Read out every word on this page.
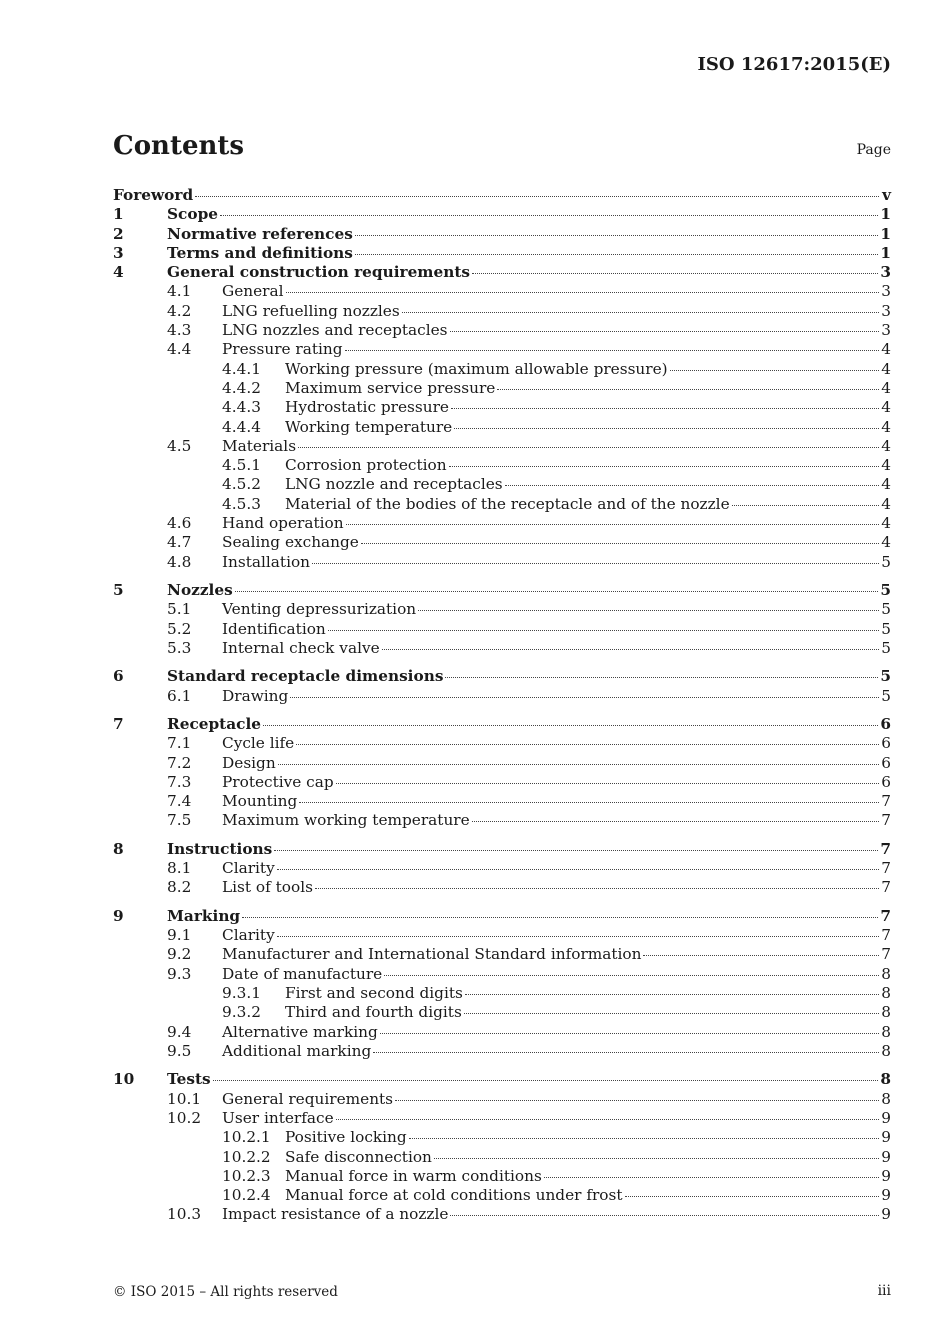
ISO 12617:2015(E)
Contents	Page
Foreword	v
1	Scope	1
2	Normative references	1
3	Terms and definitions	1
4	General construction requirements	3
4.1	General	3
4.2	LNG refuelling nozzles	3
4.3	LNG nozzles and receptacles	3
4.4	Pressure rating	4
4.4.1	Working pressure (maximum allowable pressure)	4
4.4.2	Maximum service pressure	4
4.4.3	Hydrostatic pressure	4
4.4.4	Working temperature	4
4.5	Materials	4
4.5.1	Corrosion protection	4
4.5.2	LNG nozzle and receptacles	4
4.5.3	Material of the bodies of the receptacle and of the nozzle	4
4.6	Hand operation	4
4.7	Sealing exchange	4
4.8	Installation	5
5	Nozzles	5
5.1	Venting depressurization	5
5.2	Identification	5
5.3	Internal check valve	5
6	Standard receptacle dimensions	5
6.1	Drawing	5
7	Receptacle	6
7.1	Cycle life	6
7.2	Design	6
7.3	Protective cap	6
7.4	Mounting	7
7.5	Maximum working temperature	7
8	Instructions	7
8.1	Clarity	7
8.2	List of tools	7
9	Marking	7
9.1	Clarity	7
9.2	Manufacturer and International Standard information	7
9.3	Date of manufacture	8
9.3.1	First and second digits	8
9.3.2	Third and fourth digits	8
9.4	Alternative marking	8
9.5	Additional marking	8
10	Tests	8
10.1	General requirements	8
10.2	User interface	9
10.2.1 Positive locking	9
10.2.2 Safe disconnection	9
10.2.3 Manual force in warm conditions	9
10.2.4 Manual force at cold conditions under frost	9
10.3	Impact resistance of a nozzle	9
© ISO 2015 – All rights reserved	iii
